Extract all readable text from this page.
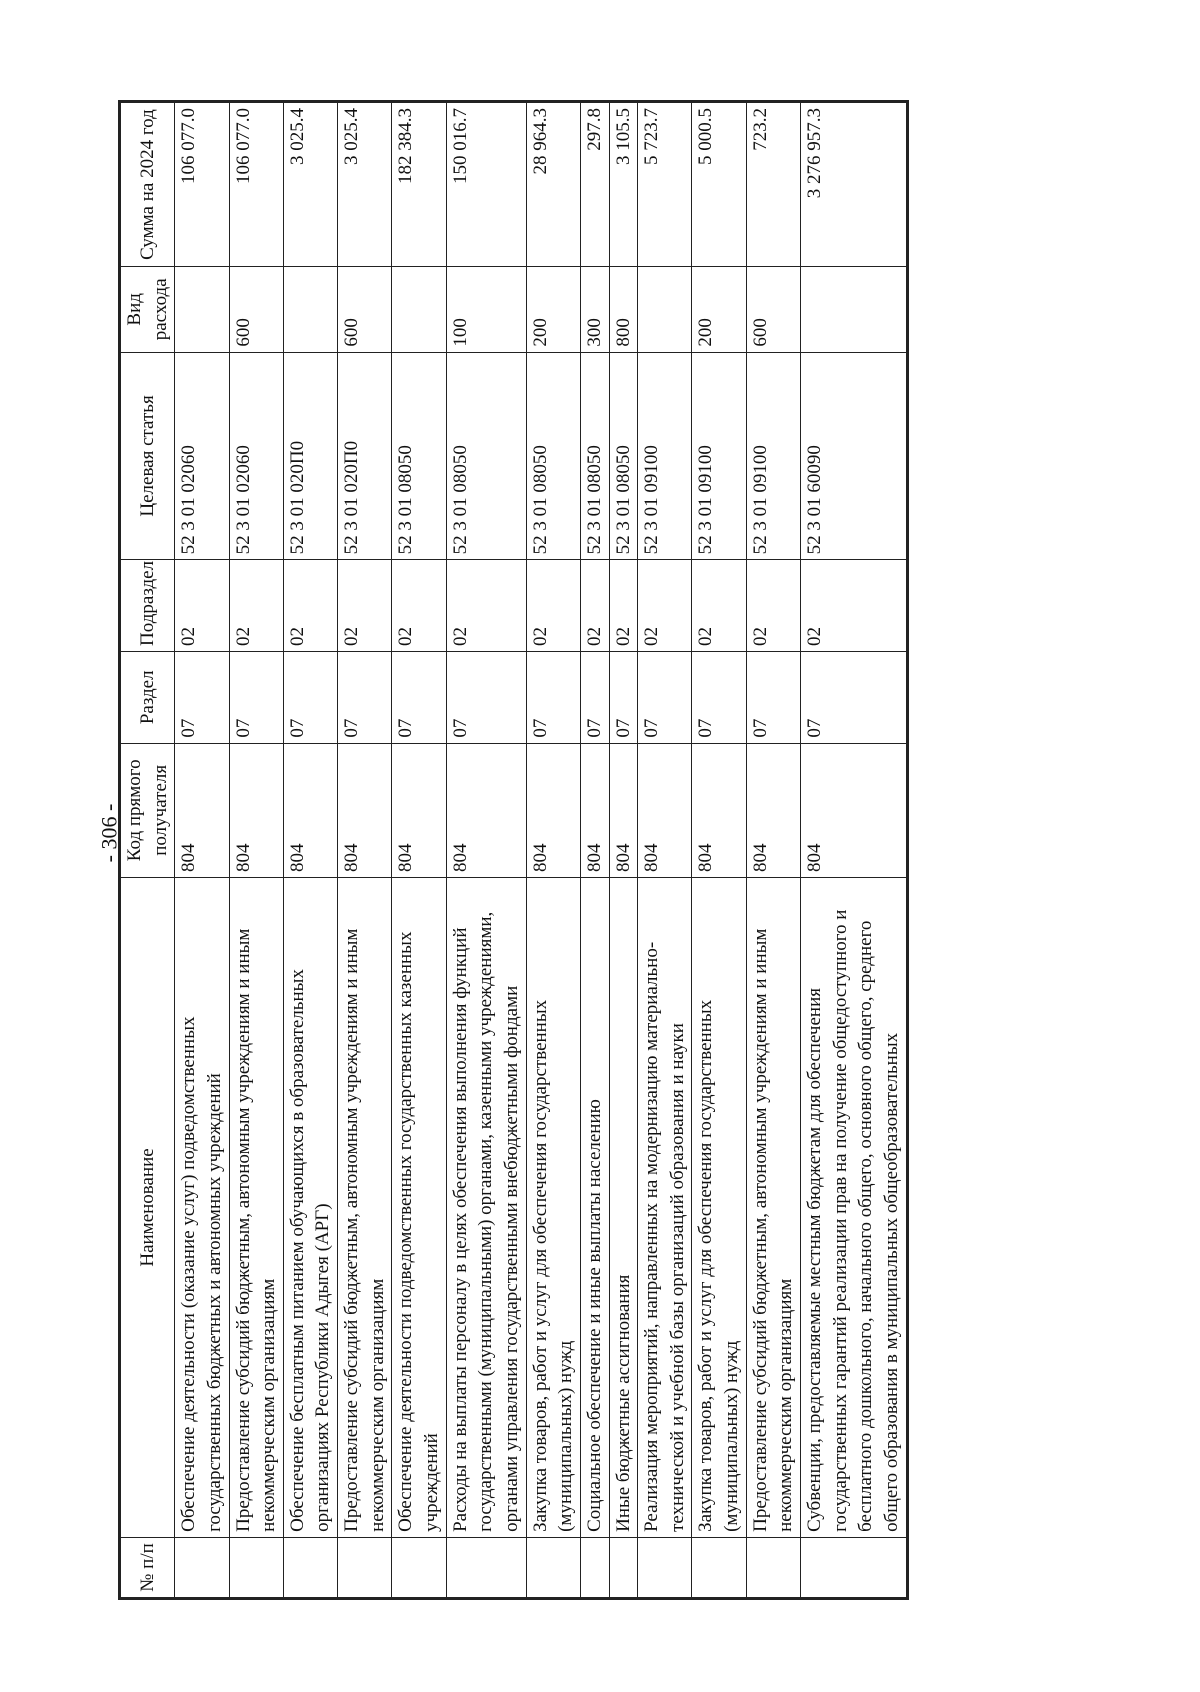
- 306 -
№ п/п	Наименование	Код прямого получателя	Раздел	Подраздел	Целевая статья	Вид расхода	Сумма на 2024 год
	Обеспечение деятельности (оказание услуг) подведомственных государственных бюджетных и автономных учреждений	804	07	02	52 3 01 02060		106 077.0
	Предоставление субсидий бюджетным, автономным учреждениям и иным некоммерческим организациям	804	07	02	52 3 01 02060	600	106 077.0
	Обеспечение бесплатным питанием обучающихся в образовательных организациях Республики Адыгея (АРГ)	804	07	02	52 3 01 020П0		3 025.4
	Предоставление субсидий бюджетным, автономным учреждениям и иным некоммерческим организациям	804	07	02	52 3 01 020П0	600	3 025.4
	Обеспечение деятельности подведомственных государственных казенных учреждений	804	07	02	52 3 01 08050		182 384.3
	Расходы на выплаты персоналу в целях обеспечения выполнения функций государственными (муниципальными) органами, казенными учреждениями, органами управления государственными внебюджетными фондами	804	07	02	52 3 01 08050	100	150 016.7
	Закупка товаров, работ и услуг для обеспечения государственных (муниципальных) нужд	804	07	02	52 3 01 08050	200	28 964.3
	Социальное обеспечение и иные выплаты населению	804	07	02	52 3 01 08050	300	297.8
	Иные бюджетные ассигнования	804	07	02	52 3 01 08050	800	3 105.5
	Реализация мероприятий, направленных на модернизацию материально-технической и учебной базы организаций образования и науки	804	07	02	52 3 01 09100		5 723.7
	Закупка товаров, работ и услуг для обеспечения государственных (муниципальных) нужд	804	07	02	52 3 01 09100	200	5 000.5
	Предоставление субсидий бюджетным, автономным учреждениям и иным некоммерческим организациям	804	07	02	52 3 01 09100	600	723.2
	Субвенции, предоставляемые местным бюджетам для обеспечения государственных гарантий реализации прав на получение общедоступного и бесплатного дошкольного, начального общего, основного общего, среднего общего образования в муниципальных общеобразовательных	804	07	02	52 3 01 60090		3 276 957.3
